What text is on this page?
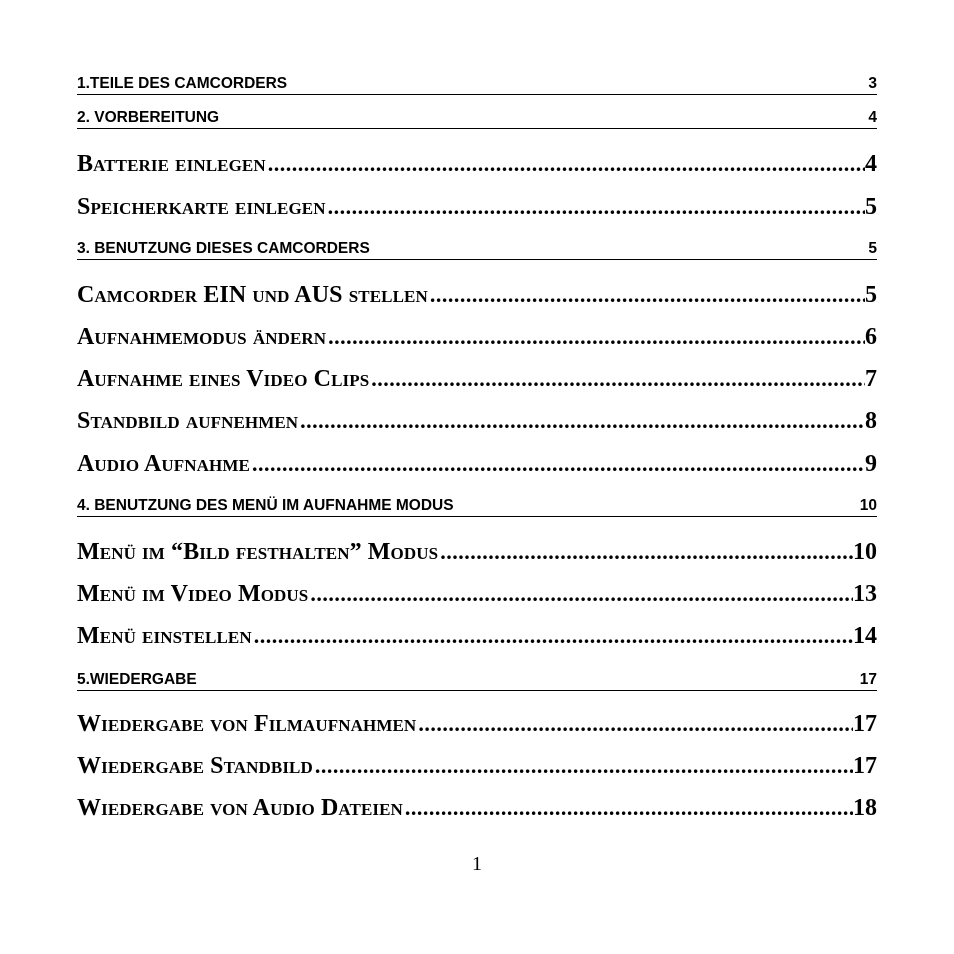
1.TEILE DES CAMCORDERS	3
2. VORBEREITUNG	4
Batterie einlegen .....	4
Speicherkarte einlegen .....	5
3. BENUTZUNG DIESES CAMCORDERS	5
Camcorder EIN und AUS stellen .....	5
Aufnahmemodus ändern .....	6
Aufnahme eines Video Clips .....	7
Standbild aufnehmen .....	8
Audio Aufnahme .....	9
4. BENUTZUNG DES MENÜ IM AUFNAHME MODUS	10
Menü im “Bild festhalten” Modus .....	10
Menü im Video Modus .....	13
Menü einstellen .....	14
5.WIEDERGABE	17
Wiedergabe von Filmaufnahmen .....	17
Wiedergabe Standbild .....	17
Wiedergabe von Audio Dateien .....	18
1
